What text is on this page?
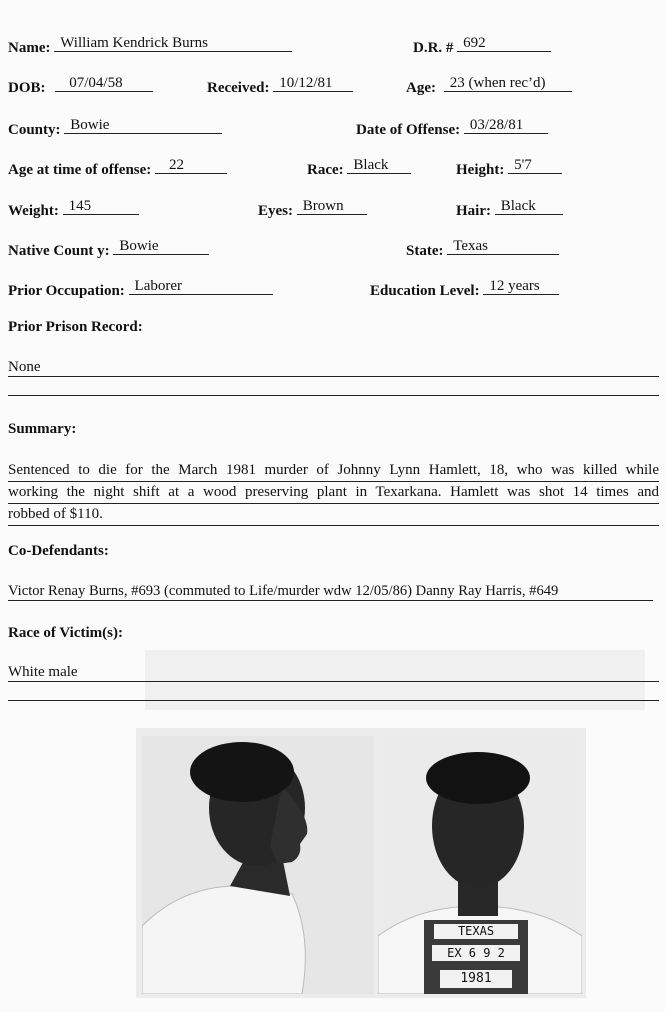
Name: William Kendrick Burns	D.R. # 692
DOB: 07/04/58	Received: 10/12/81	Age: 23 (when rec’d)
County: Bowie	Date of Offense: 03/28/81
Age at time of offense: 22	Race: Black	Height: 5'7
Weight: 145	Eyes: Brown	Hair: Black
Native Count y: Bowie	State: Texas
Prior Occupation: Laborer	Education Level: 12 years
Prior Prison Record:
None
Summary:
Sentenced to die for the March 1981 murder of Johnny Lynn Hamlett, 18, who was killed while
working the night shift at a wood preserving plant in Texarkana. Hamlett was shot 14 times and
robbed of $110.
Co-Defendants:
Victor Renay Burns, #693 (commuted to Life/murder wdw 12/05/86) Danny Ray Harris, #649
Race of Victim(s):
White male
TEXAS
EX 6 9 2
1981
